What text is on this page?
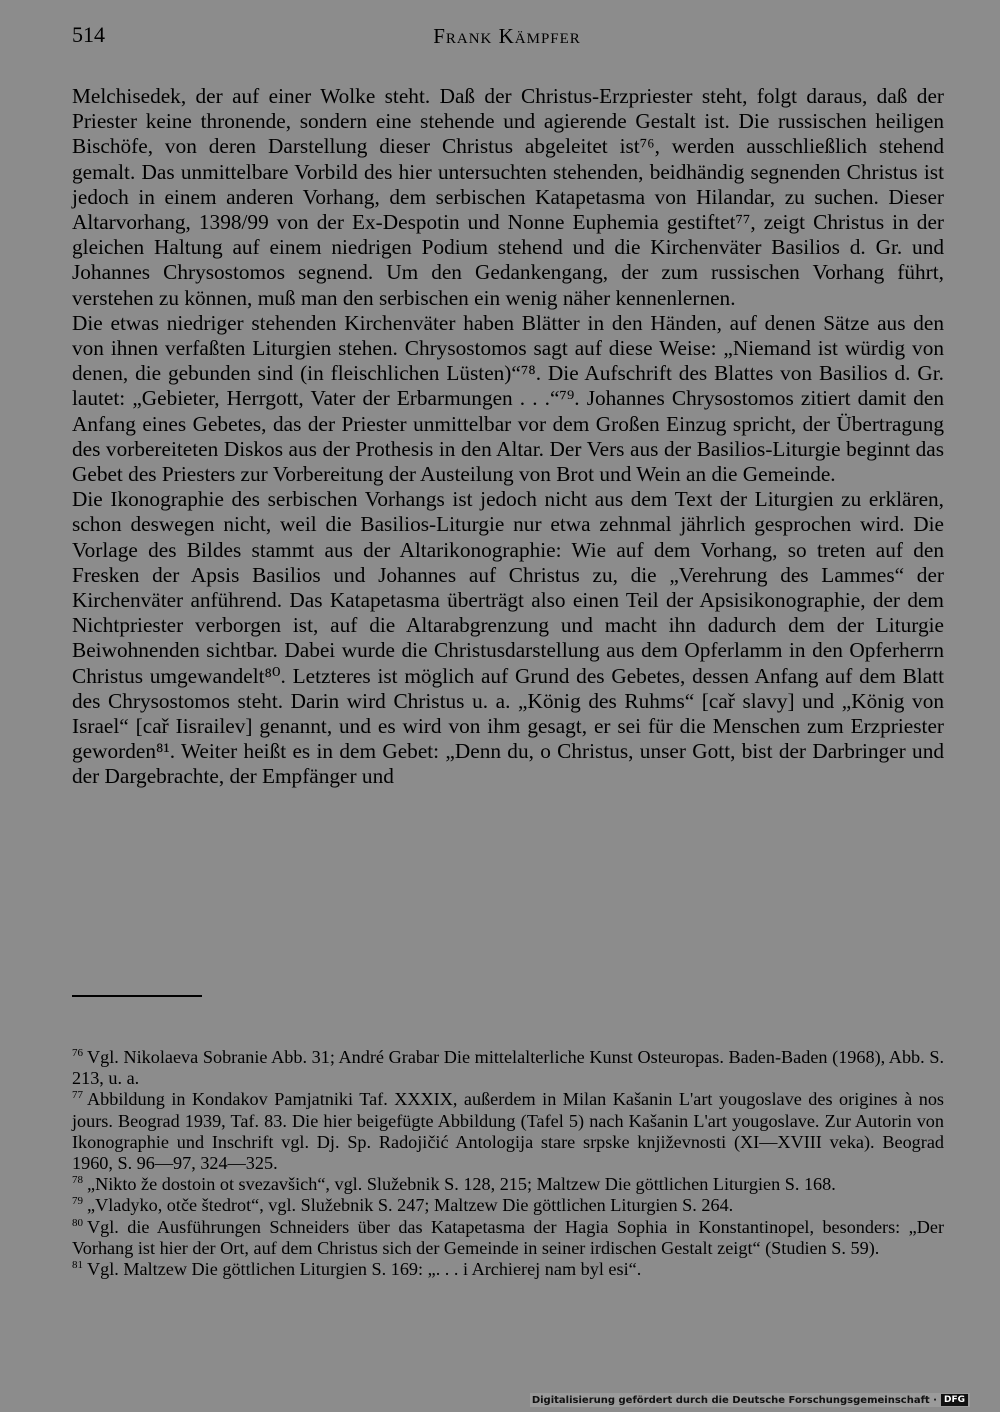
514	Frank Kämpfer

Melchisedek, der auf einer Wolke steht. Daß der Christus-Erzpriester steht, folgt daraus, daß der Priester keine thronende, sondern eine stehende und agierende Gestalt ist. Die russischen heiligen Bischöfe, von deren Darstellung dieser Christus abgeleitet ist⁷⁶, werden ausschließlich stehend gemalt. Das unmittelbare Vorbild des hier untersuchten stehenden, beidhändig segnenden Christus ist jedoch in einem anderen Vorhang, dem serbischen Katapetasma von Hilandar, zu suchen. Dieser Altarvorhang, 1398/99 von der Ex-Despotin und Nonne Euphemia gestiftet⁷⁷, zeigt Christus in der gleichen Haltung auf einem niedrigen Podium stehend und die Kirchenväter Basilios d. Gr. und Johannes Chrysostomos segnend. Um den Gedankengang, der zum russischen Vorhang führt, verstehen zu können, muß man den serbischen ein wenig näher kennenlernen.

Die etwas niedriger stehenden Kirchenväter haben Blätter in den Händen, auf denen Sätze aus den von ihnen verfaßten Liturgien stehen. Chrysostomos sagt auf diese Weise: „Niemand ist würdig von denen, die gebunden sind (in fleischlichen Lüsten)“⁷⁸. Die Aufschrift des Blattes von Basilios d. Gr. lautet: „Gebieter, Herrgott, Vater der Erbarmungen . . .“⁷⁹. Johannes Chrysostomos zitiert damit den Anfang eines Gebetes, das der Priester unmittelbar vor dem Großen Einzug spricht, der Übertragung des vorbereiteten Diskos aus der Prothesis in den Altar. Der Vers aus der Basilios-Liturgie beginnt das Gebet des Priesters zur Vorbereitung der Austeilung von Brot und Wein an die Gemeinde.

Die Ikonographie des serbischen Vorhangs ist jedoch nicht aus dem Text der Liturgien zu erklären, schon deswegen nicht, weil die Basilios-Liturgie nur etwa zehnmal jährlich gesprochen wird. Die Vorlage des Bildes stammt aus der Altarikonographie: Wie auf dem Vorhang, so treten auf den Fresken der Apsis Basilios und Johannes auf Christus zu, die „Verehrung des Lammes“ der Kirchenväter anführend. Das Katapetasma überträgt also einen Teil der Apsisikonographie, der dem Nichtpriester verborgen ist, auf die Altarabgrenzung und macht ihn dadurch dem der Liturgie Beiwohnenden sichtbar. Dabei wurde die Christusdarstellung aus dem Opferlamm in den Opferherrn Christus umgewandelt⁸⁰. Letzteres ist möglich auf Grund des Gebetes, dessen Anfang auf dem Blatt des Chrysostomos steht. Darin wird Christus u. a. „König des Ruhms“ [cař slavy] und „König von Israel“ [cař Iisrailev] genannt, und es wird von ihm gesagt, er sei für die Menschen zum Erzpriester geworden⁸¹. Weiter heißt es in dem Gebet: „Denn du, o Christus, unser Gott, bist der Darbringer und der Dargebrachte, der Empfänger und

$^{76}$ Vgl. Nikolaeva Sobranie Abb. 31; André Grabar Die mittelalterliche Kunst Osteuropas. Baden-Baden (1968), Abb. S. 213, u. a.

$^{77}$ Abbildung in Kondakov Pamjatniki Taf. XXXIX, außerdem in Milan Kašanin L'art yougoslave des origines à nos jours. Beograd 1939, Taf. 83. Die hier beigefügte Abbildung (Tafel 5) nach Kašanin L'art yougoslave. Zur Autorin von Ikonographie und Inschrift vgl. Dj. Sp. Radojičić Antologija stare srpske književnosti (XI—XVIII veka). Beograd 1960, S. 96—97, 324—325.

$^{78}$ „Nikto že dostoin ot svezavšich“, vgl. Služebnik S. 128, 215; Maltzew Die göttlichen Liturgien S. 168.

$^{79}$ „Vladyko, otče štedrot“, vgl. Služebnik S. 247; Maltzew Die göttlichen Liturgien S. 264.

$^{80}$ Vgl. die Ausführungen Schneiders über das Katapetasma der Hagia Sophia in Konstantinopel, besonders: „Der Vorhang ist hier der Ort, auf dem Christus sich der Gemeinde in seiner irdischen Gestalt zeigt“ (Studien S. 59).

$^{81}$ Vgl. Maltzew Die göttlichen Liturgien S. 169: „. . . i Archierej nam byl esi“.

Digitalisierung gefördert durch die Deutsche Forschungsgemeinschaft · DFG
